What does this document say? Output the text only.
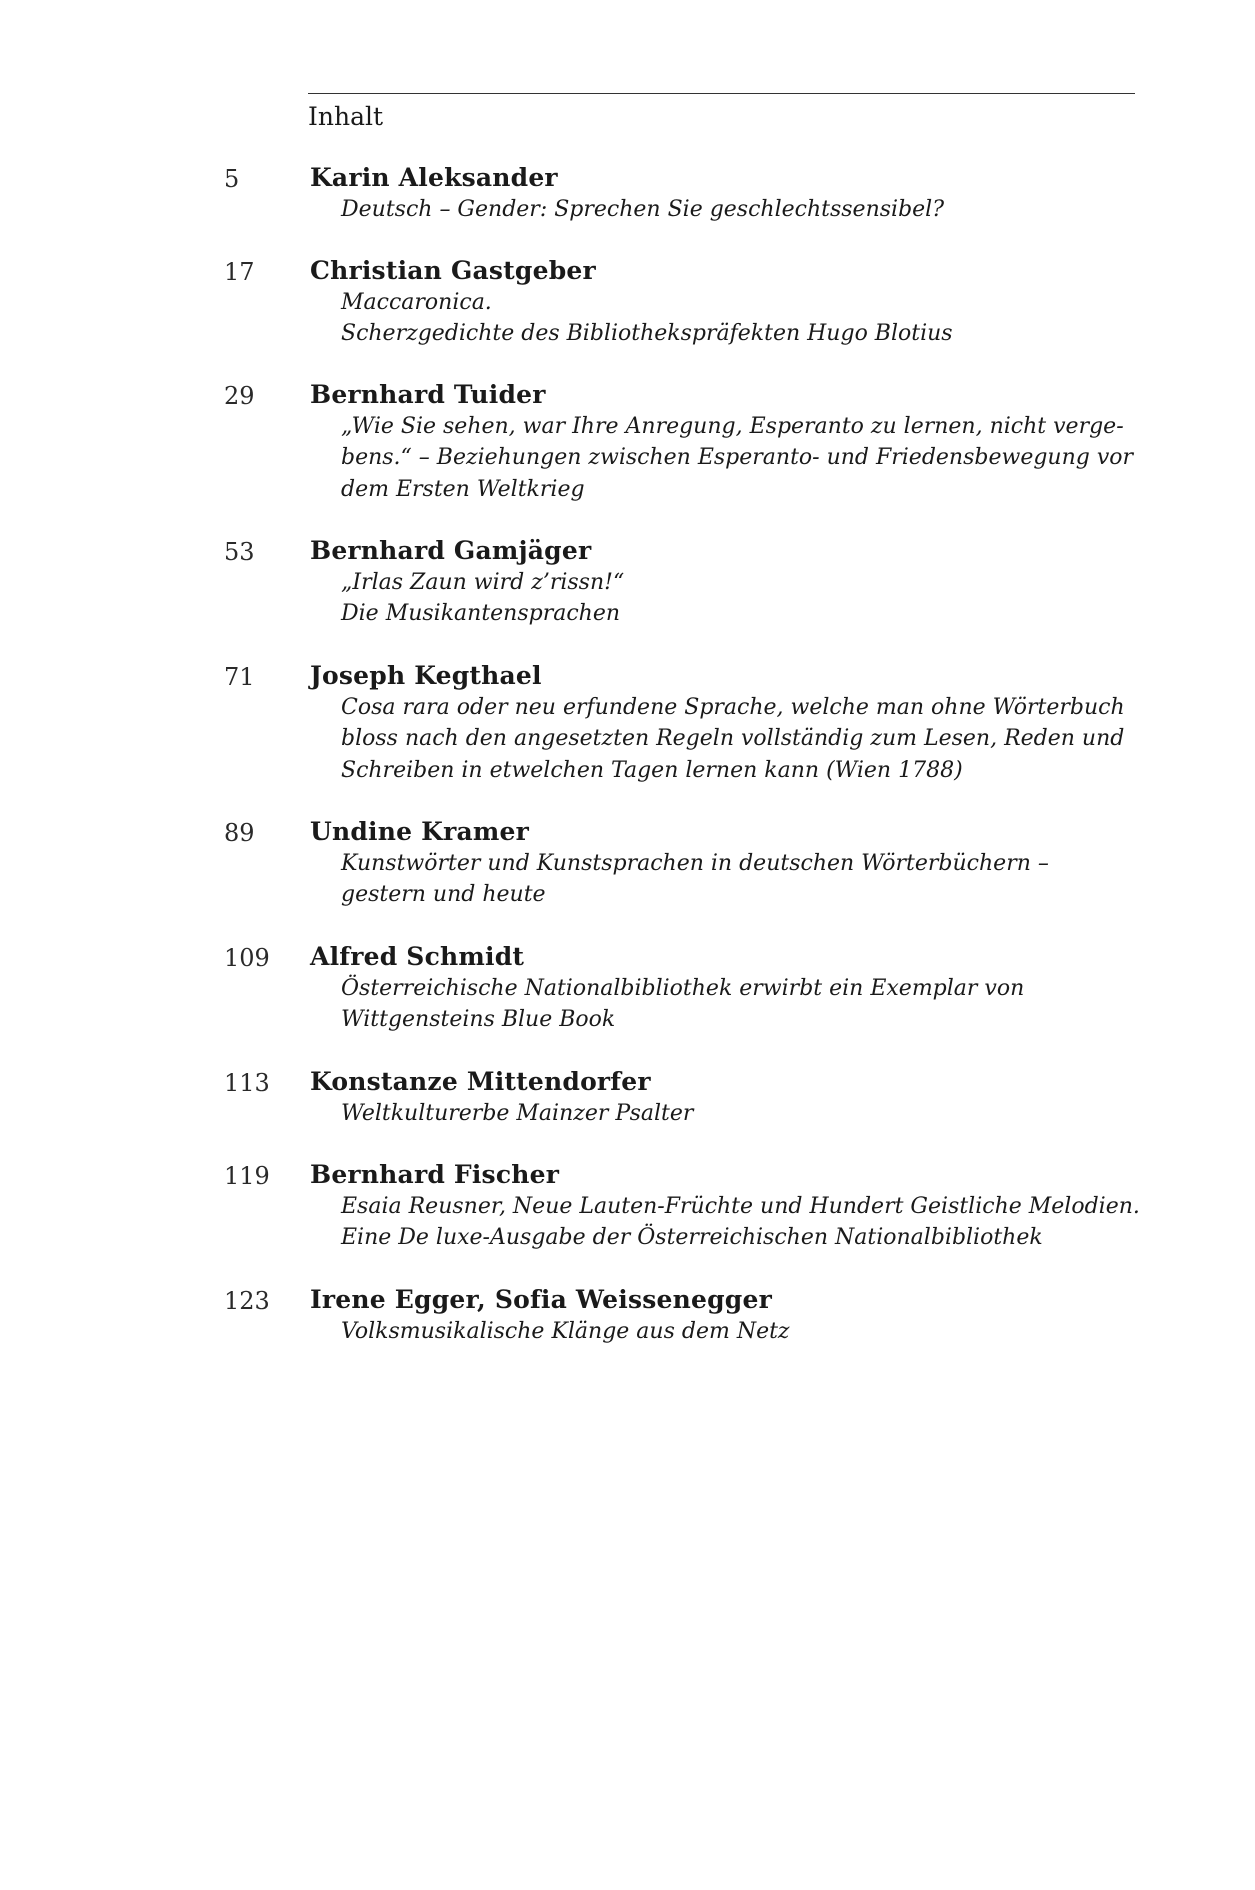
Inhalt
5	Karin Aleksander
Deutsch – Gender: Sprechen Sie geschlechtssensibel?
17 Christian Gastgeber
Maccaronica.
Scherzgedichte des Bibliothekspräfekten Hugo Blotius
29 Bernhard Tuider
„Wie Sie sehen, war Ihre Anregung, Esperanto zu lernen, nicht verge-
bens.“ – Beziehungen zwischen Esperanto- und Friedensbewegung vor
dem Ersten Weltkrieg
53 Bernhard Gamjäger
„Irlas Zaun wird z’rissn!“
Die Musikantensprachen
71 Joseph Kegthael
Cosa rara oder neu erfundene Sprache, welche man ohne Wörterbuch
bloss nach den angesetzten Regeln vollständig zum Lesen, Reden und
Schreiben in etwelchen Tagen lernen kann (Wien 1788)
89 Undine Kramer
Kunstwörter und Kunstsprachen in deutschen Wörterbüchern –
gestern und heute
109 Alfred Schmidt
Österreichische Nationalbibliothek erwirbt ein Exemplar von
Wittgensteins Blue Book
113 Konstanze Mittendorfer
Weltkulturerbe Mainzer Psalter
119 Bernhard Fischer
Esaia Reusner, Neue Lauten-Früchte und Hundert Geistliche Melodien.
Eine De luxe-Ausgabe der Österreichischen Nationalbibliothek
123 Irene Egger, Sofia Weissenegger
Volksmusikalische Klänge aus dem Netz
